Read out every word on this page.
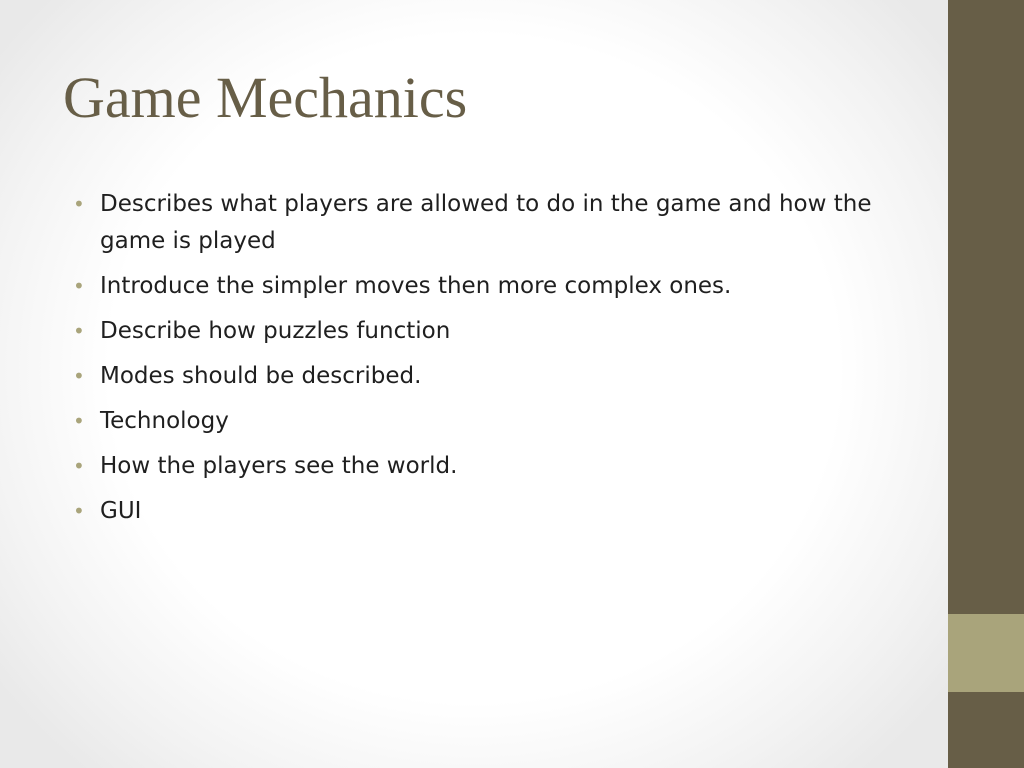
Game Mechanics
• Describes what players are allowed to do in the game and how the game is played
• Introduce the simpler moves then more complex ones.
• Describe how puzzles function
• Modes should be described.
• Technology
• How the players see the world.
• GUI
